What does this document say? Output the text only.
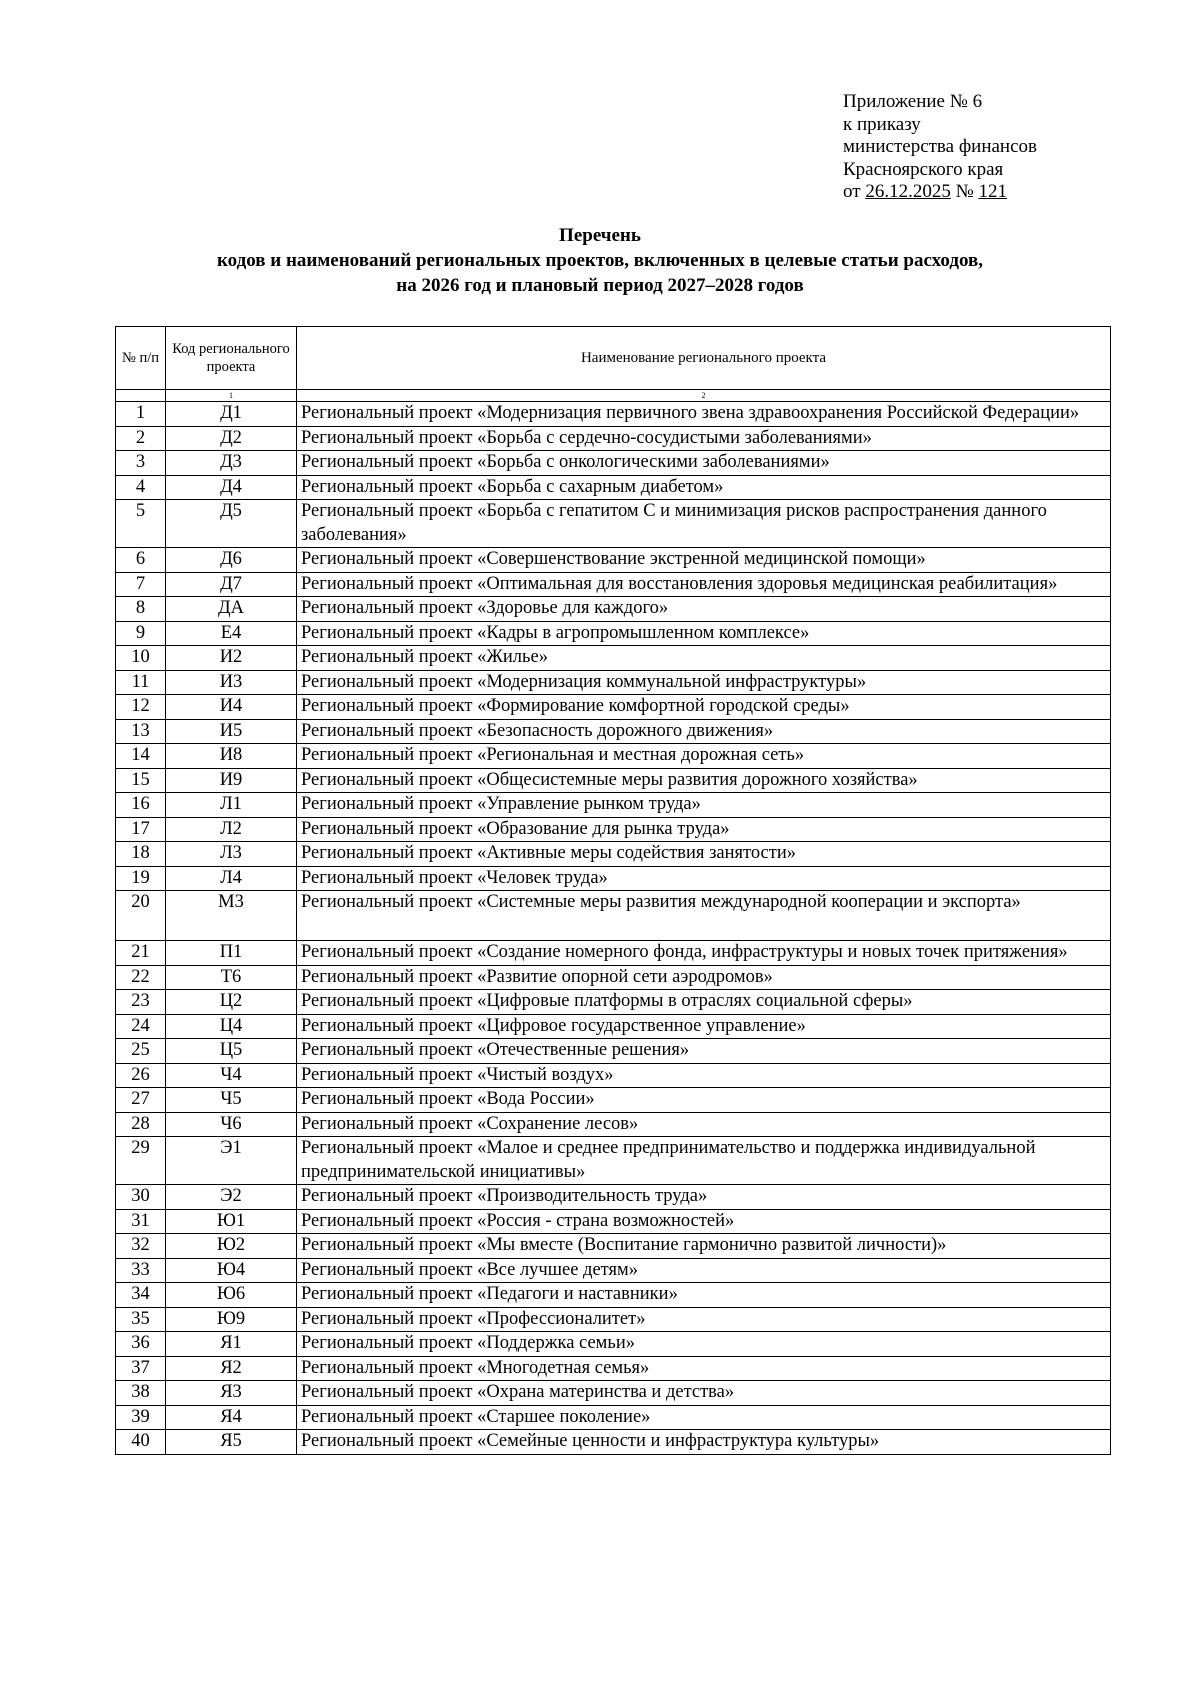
Приложение № 6
к приказу
министерства финансов
Красноярского края
от 26.12.2025 № 121
Перечень
кодов и наименований региональных проектов, включенных в целевые статьи расходов,
на 2026 год и плановый период 2027–2028 годов
№ п/п	Код регионального проекта	Наименование регионального проекта
	1	2
1	Д1	Региональный проект «Модернизация первичного звена здравоохранения Российской Федерации»
2	Д2	Региональный проект «Борьба с сердечно-сосудистыми заболеваниями»
3	Д3	Региональный проект «Борьба с онкологическими заболеваниями»
4	Д4	Региональный проект «Борьба с сахарным диабетом»
5	Д5	Региональный проект «Борьба с гепатитом С и минимизация рисков распространения данного заболевания»
6	Д6	Региональный проект «Совершенствование экстренной медицинской помощи»
7	Д7	Региональный проект «Оптимальная для восстановления здоровья медицинская реабилитация»
8	ДА	Региональный проект «Здоровье для каждого»
9	Е4	Региональный проект «Кадры в агропромышленном комплексе»
10	И2	Региональный проект «Жилье»
11	И3	Региональный проект «Модернизация коммунальной инфраструктуры»
12	И4	Региональный проект «Формирование комфортной городской среды»
13	И5	Региональный проект «Безопасность дорожного движения»
14	И8	Региональный проект «Региональная и местная дорожная сеть»
15	И9	Региональный проект «Общесистемные меры развития дорожного хозяйства»
16	Л1	Региональный проект «Управление рынком труда»
17	Л2	Региональный проект «Образование для рынка труда»
18	Л3	Региональный проект «Активные меры содействия занятости»
19	Л4	Региональный проект «Человек труда»
20	М3	Региональный проект «Системные меры развития международной кооперации и экспорта»
21	П1	Региональный проект «Создание номерного фонда, инфраструктуры и новых точек притяжения»
22	Т6	Региональный проект «Развитие опорной сети аэродромов»
23	Ц2	Региональный проект «Цифровые платформы в отраслях социальной сферы»
24	Ц4	Региональный проект «Цифровое государственное управление»
25	Ц5	Региональный проект «Отечественные решения»
26	Ч4	Региональный проект «Чистый воздух»
27	Ч5	Региональный проект «Вода России»
28	Ч6	Региональный проект «Сохранение лесов»
29	Э1	Региональный проект «Малое и среднее предпринимательство и поддержка индивидуальной предпринимательской инициативы»
30	Э2	Региональный проект «Производительность труда»
31	Ю1	Региональный проект «Россия - страна возможностей»
32	Ю2	Региональный проект «Мы вместе (Воспитание гармонично развитой личности)»
33	Ю4	Региональный проект «Все лучшее детям»
34	Ю6	Региональный проект «Педагоги и наставники»
35	Ю9	Региональный проект «Профессионалитет»
36	Я1	Региональный проект «Поддержка семьи»
37	Я2	Региональный проект «Многодетная семья»
38	Я3	Региональный проект «Охрана материнства и детства»
39	Я4	Региональный проект «Старшее поколение»
40	Я5	Региональный проект «Семейные ценности и инфраструктура культуры»
